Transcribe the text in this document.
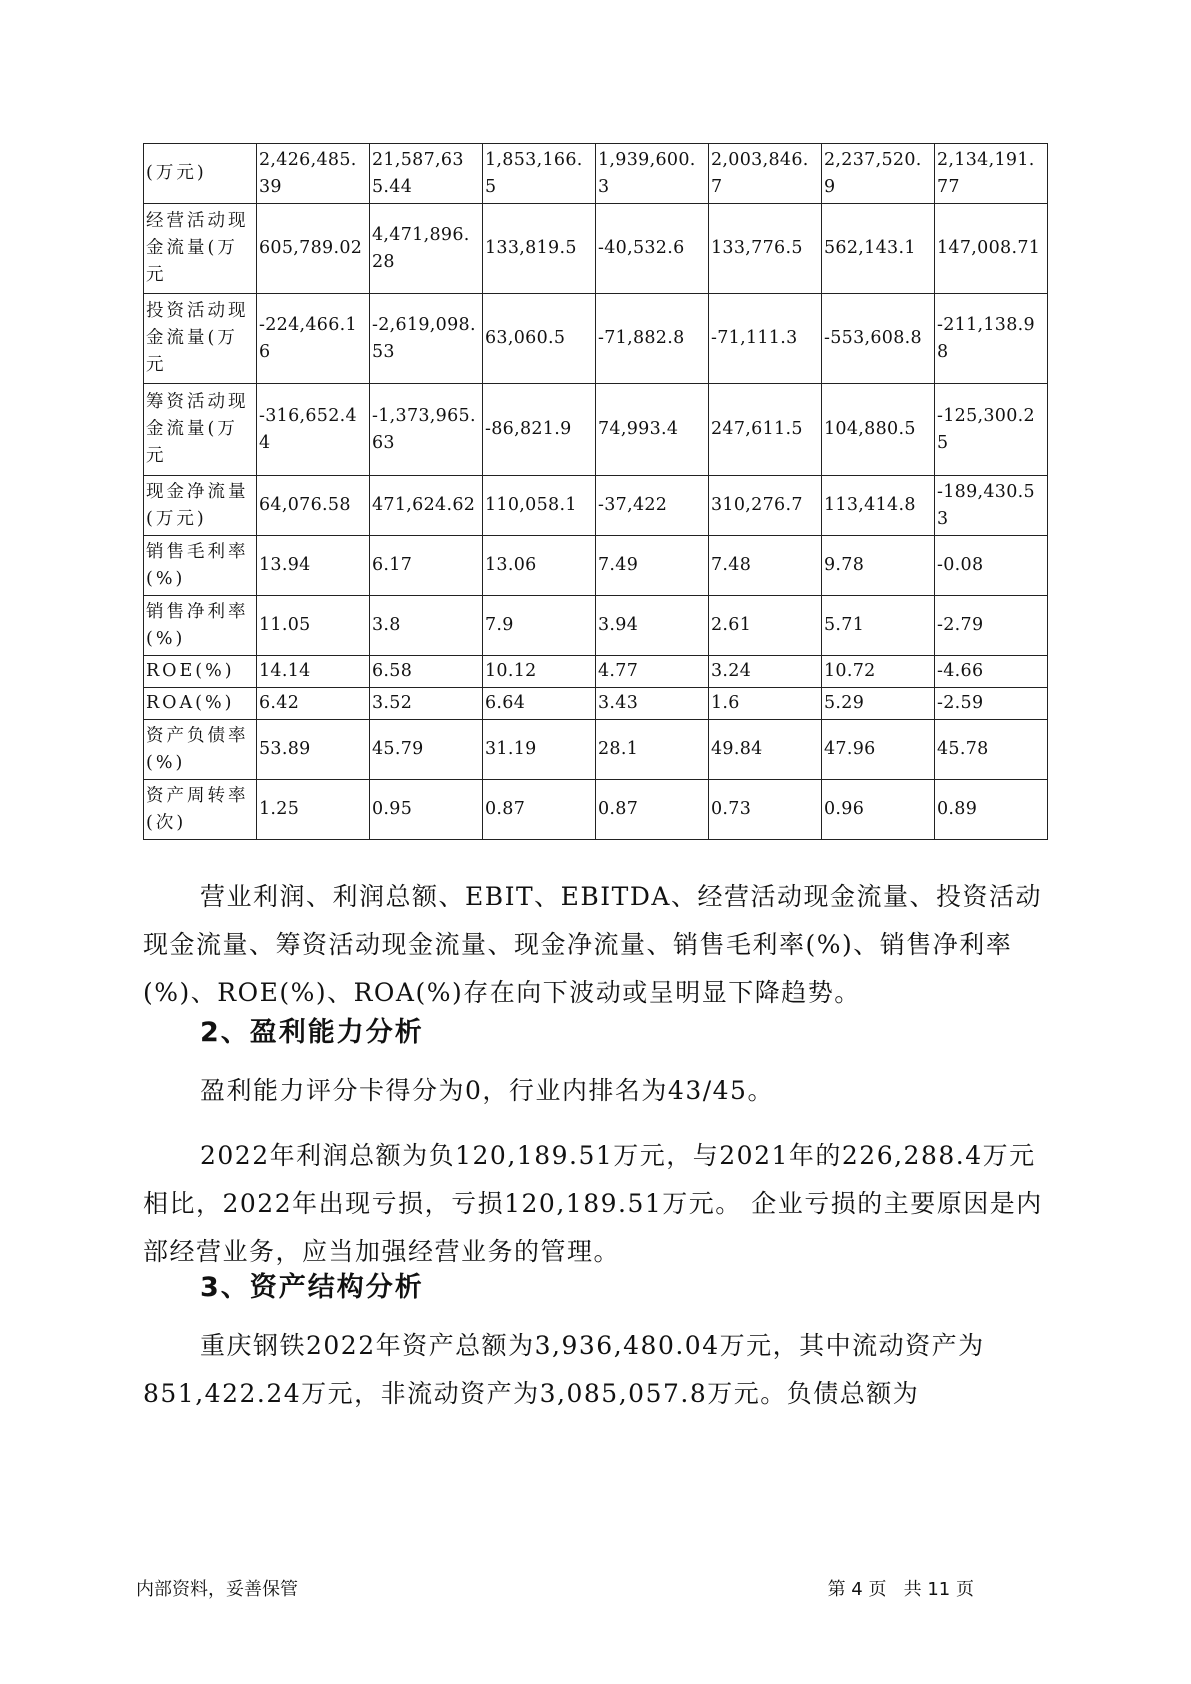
(万元)	2,426,485.39	21,587,635.44	1,853,166.5	1,939,600.3	2,003,846.7	2,237,520.9	2,134,191.77
经营活动现金流量(万元	605,789.02	4,471,896.28	133,819.5	-40,532.6	133,776.5	562,143.1	147,008.71
投资活动现金流量(万元	-224,466.16	-2,619,098.53	63,060.5	-71,882.8	-71,111.3	-553,608.8	-211,138.98
筹资活动现金流量(万元	-316,652.44	-1,373,965.63	-86,821.9	74,993.4	247,611.5	104,880.5	-125,300.25
现金净流量(万元)	64,076.58	471,624.62	110,058.1	-37,422	310,276.7	113,414.8	-189,430.53
销售毛利率(%)	13.94	6.17	13.06	7.49	7.48	9.78	-0.08
销售净利率(%)	11.05	3.8	7.9	3.94	2.61	5.71	-2.79
ROE(%)	14.14	6.58	10.12	4.77	3.24	10.72	-4.66
ROA(%)	6.42	3.52	6.64	3.43	1.6	5.29	-2.59
资产负债率(%)	53.89	45.79	31.19	28.1	49.84	47.96	45.78
资产周转率(次)	1.25	0.95	0.87	0.87	0.73	0.96	0.89

营业利润、利润总额、EBIT、EBITDA、经营活动现金流量、投资活动现金流量、筹资活动现金流量、现金净流量、销售毛利率(%)、销售净利率(%)、ROE(%)、ROA(%)存在向下波动或呈明显下降趋势。

2、盈利能力分析

盈利能力评分卡得分为0，行业内排名为43/45。

2022年利润总额为负120,189.51万元，与2021年的226,288.4万元相比，2022年出现亏损，亏损120,189.51万元。 企业亏损的主要原因是内部经营业务，应当加强经营业务的管理。

3、资产结构分析

重庆钢铁2022年资产总额为3,936,480.04万元，其中流动资产为851,422.24万元，非流动资产为3,085,057.8万元。负债总额为

内部资料，妥善保管	第 4 页   共 11 页
